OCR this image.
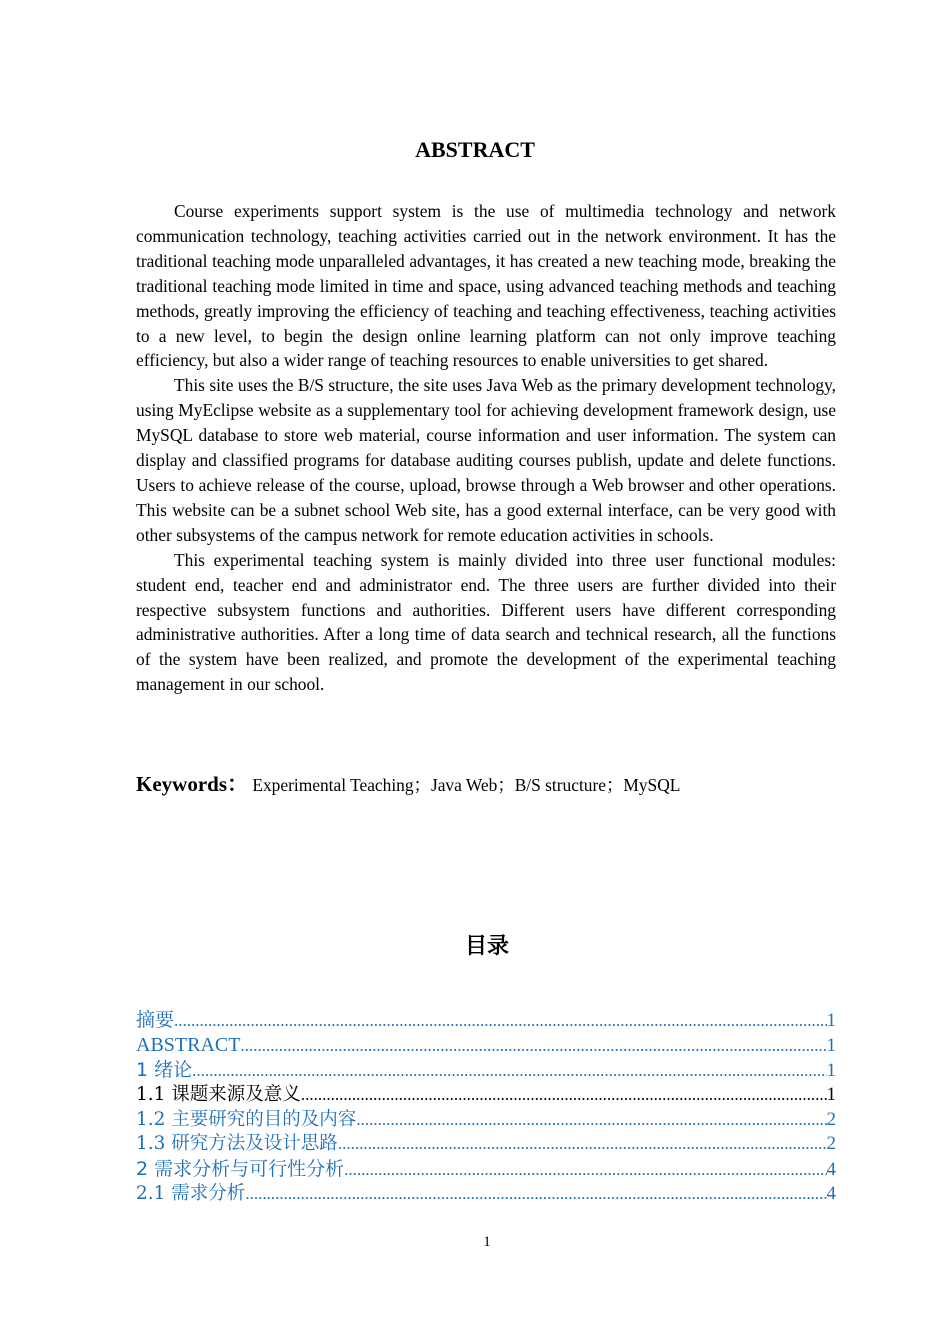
ABSTRACT

Course experiments support system is the use of multimedia technology and network communication technology, teaching activities carried out in the network environment. It has the traditional teaching mode unparalleled advantages, it has created a new teaching mode, breaking the traditional teaching mode limited in time and space, using advanced teaching methods and teaching methods, greatly improving the efficiency of teaching and teaching effectiveness, teaching activities to a new level, to begin the design online learning platform can not only improve teaching efficiency, but also a wider range of teaching resources to enable universities to get shared.

This site uses the B/S structure, the site uses Java Web as the primary development technology, using MyEclipse website as a supplementary tool for achieving development framework design, use MySQL database to store web material, course information and user information. The system can display and classified programs for database auditing courses publish, update and delete functions. Users to achieve release of the course, upload, browse through a Web browser and other operations. This website can be a subnet school Web site, has a good external interface, can be very good with other subsystems of the campus network for remote education activities in schools.

This experimental teaching system is mainly divided into three user functional modules: student end, teacher end and administrator end. The three users are further divided into their respective subsystem functions and authorities. Different users have different corresponding administrative authorities. After a long time of data search and technical research, all the functions of the system have been realized, and promote the development of the experimental teaching management in our school.

Keywords： Experimental Teaching；Java Web；B/S structure；MySQL
目录
摘要 .....	1
ABSTRACT .....	1
1 绪论 .....	1
1.1 课题来源及意义 .....	1
1.2 主要研究的目的及内容 .....	2
1.3 研究方法及设计思路 .....	2
2 需求分析与可行性分析 .....	4
2.1 需求分析 .....	4
1
